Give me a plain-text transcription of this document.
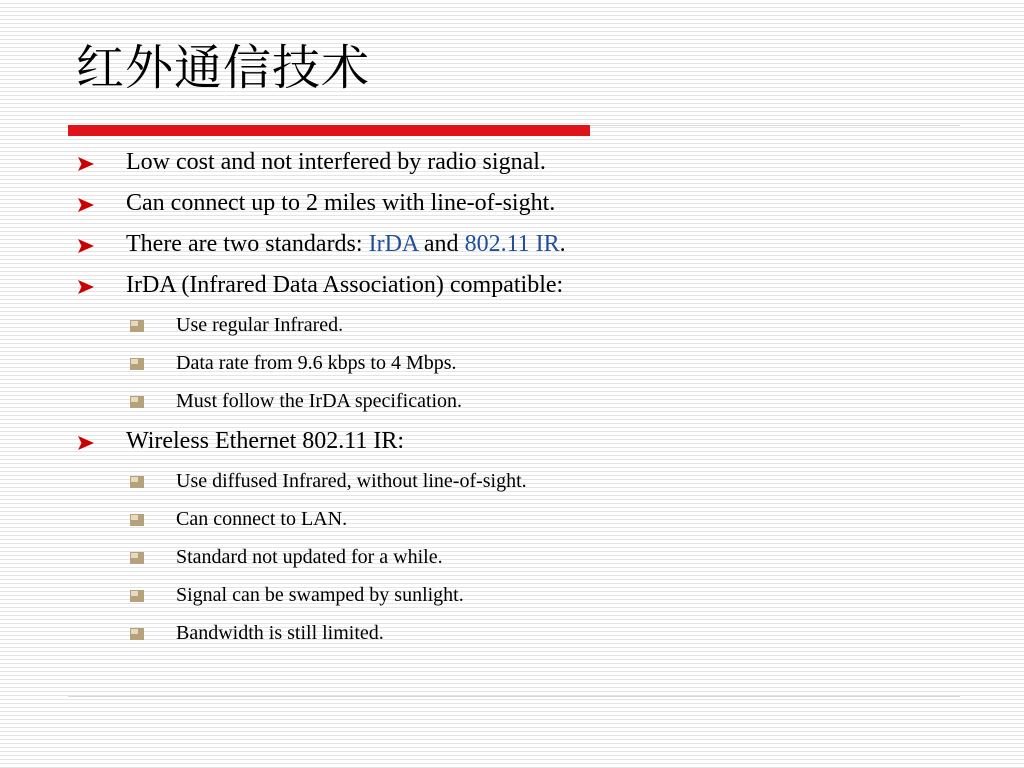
红外通信技术
Low cost and not interfered by radio signal.
Can connect up to 2 miles with line-of-sight.
There are two standards: IrDA and 802.11 IR.
IrDA (Infrared Data Association) compatible:
Use regular Infrared.
Data rate from 9.6 kbps to 4 Mbps.
Must follow the IrDA specification.
Wireless Ethernet 802.11 IR:
Use diffused Infrared, without line-of-sight.
Can connect to LAN.
Standard not updated for a while.
Signal can be swamped by sunlight.
Bandwidth is still limited.
